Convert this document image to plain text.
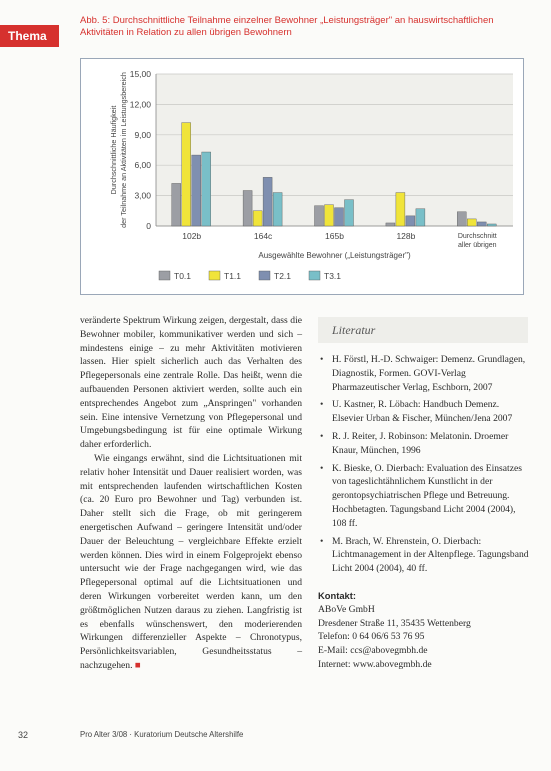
Thema
Abb. 5: Durchschnittliche Teilnahme einzelner Bewohner „Leistungsträger" an hauswirtschaftlichen Aktivitäten in Relation zu allen übrigen Bewohnern
0
3,00
6,00
9,00
12,00
15,00
102b	164c	165b	128b	Durchschnitt
aller übrigen
Durchschnittliche Häufigkeit der Teilnahme an Aktivitäten im Leistungsbereich
Ausgewählte Bewohner („Leistungsträger")
T0.1	T1.1	T2.1	T3.1

veränderte Spektrum Wirkung zeigen, dergestalt, dass die Bewohner mobiler, kommunikativer werden und sich – mindestens einige – zu mehr Aktivitäten motivieren lassen. Hier spielt sicherlich auch das Verhalten des Pflegepersonals eine zentrale Rolle. Das heißt, wenn die aufbauenden Personen aktiviert werden, sollte auch ein entsprechendes Angebot zum „Anspringen" vorhanden sein. Eine intensive Vernetzung von Pflegepersonal und Umgebungsbedingung ist für eine optimale Wirkung daher erforderlich.

Wie eingangs erwähnt, sind die Lichtsituationen mit relativ hoher Intensität und Dauer realisiert worden, was mit entsprechenden laufenden wirtschaftlichen Kosten (ca. 20 Euro pro Bewohner und Tag) verbunden ist. Daher stellt sich die Frage, ob mit geringerem energetischen Aufwand – geringere Intensität und/oder Dauer der Beleuchtung – vergleichbare Effekte erzielt werden können. Dies wird in einem Folgeprojekt ebenso untersucht wie der Frage nachgegangen wird, wie das Pflegepersonal optimal auf die Lichtsituationen und deren Wirkungen vorbereitet werden kann, um den größtmöglichen Nutzen daraus zu ziehen. Langfristig ist es ebenfalls wünschenswert, den moderierenden Wirkungen differenzieller Aspekte – Chronotypus, Persönlichkeitsvariablen, Gesundheitsstatus – nachzugehen. ■

Literatur
• H. Förstl, H.-D. Schwaiger: Demenz. Grundlagen, Diagnostik, Formen. GOVI-Verlag Pharmazeutischer Verlag, Eschborn, 2007
• U. Kastner, R. Löbach: Handbuch Demenz. Elsevier Urban & Fischer, München/Jena 2007
• R. J. Reiter, J. Robinson: Melatonin. Droemer Knaur, München, 1996
• K. Bieske, O. Dierbach: Evaluation des Einsatzes von tageslichtähnlichem Kunstlicht in der gerontopsychiatrischen Pflege und Betreuung. Hochbetagten. Tagungsband Licht 2004 (2004), 108 ff.
• M. Brach, W. Ehrenstein, O. Dierbach: Lichtmanagement in der Altenpflege. Tagungsband Licht 2004 (2004), 40 ff.
Kontakt:
ABoVe GmbH
Dresdener Straße 11, 35435 Wettenberg
Telefon: 0 64 06/6 53 76 95
E-Mail: ccs@abovegmbh.de
Internet: www.abovegmbh.de
32	Pro Alter 3/08 · Kuratorium Deutsche Altershilfe
